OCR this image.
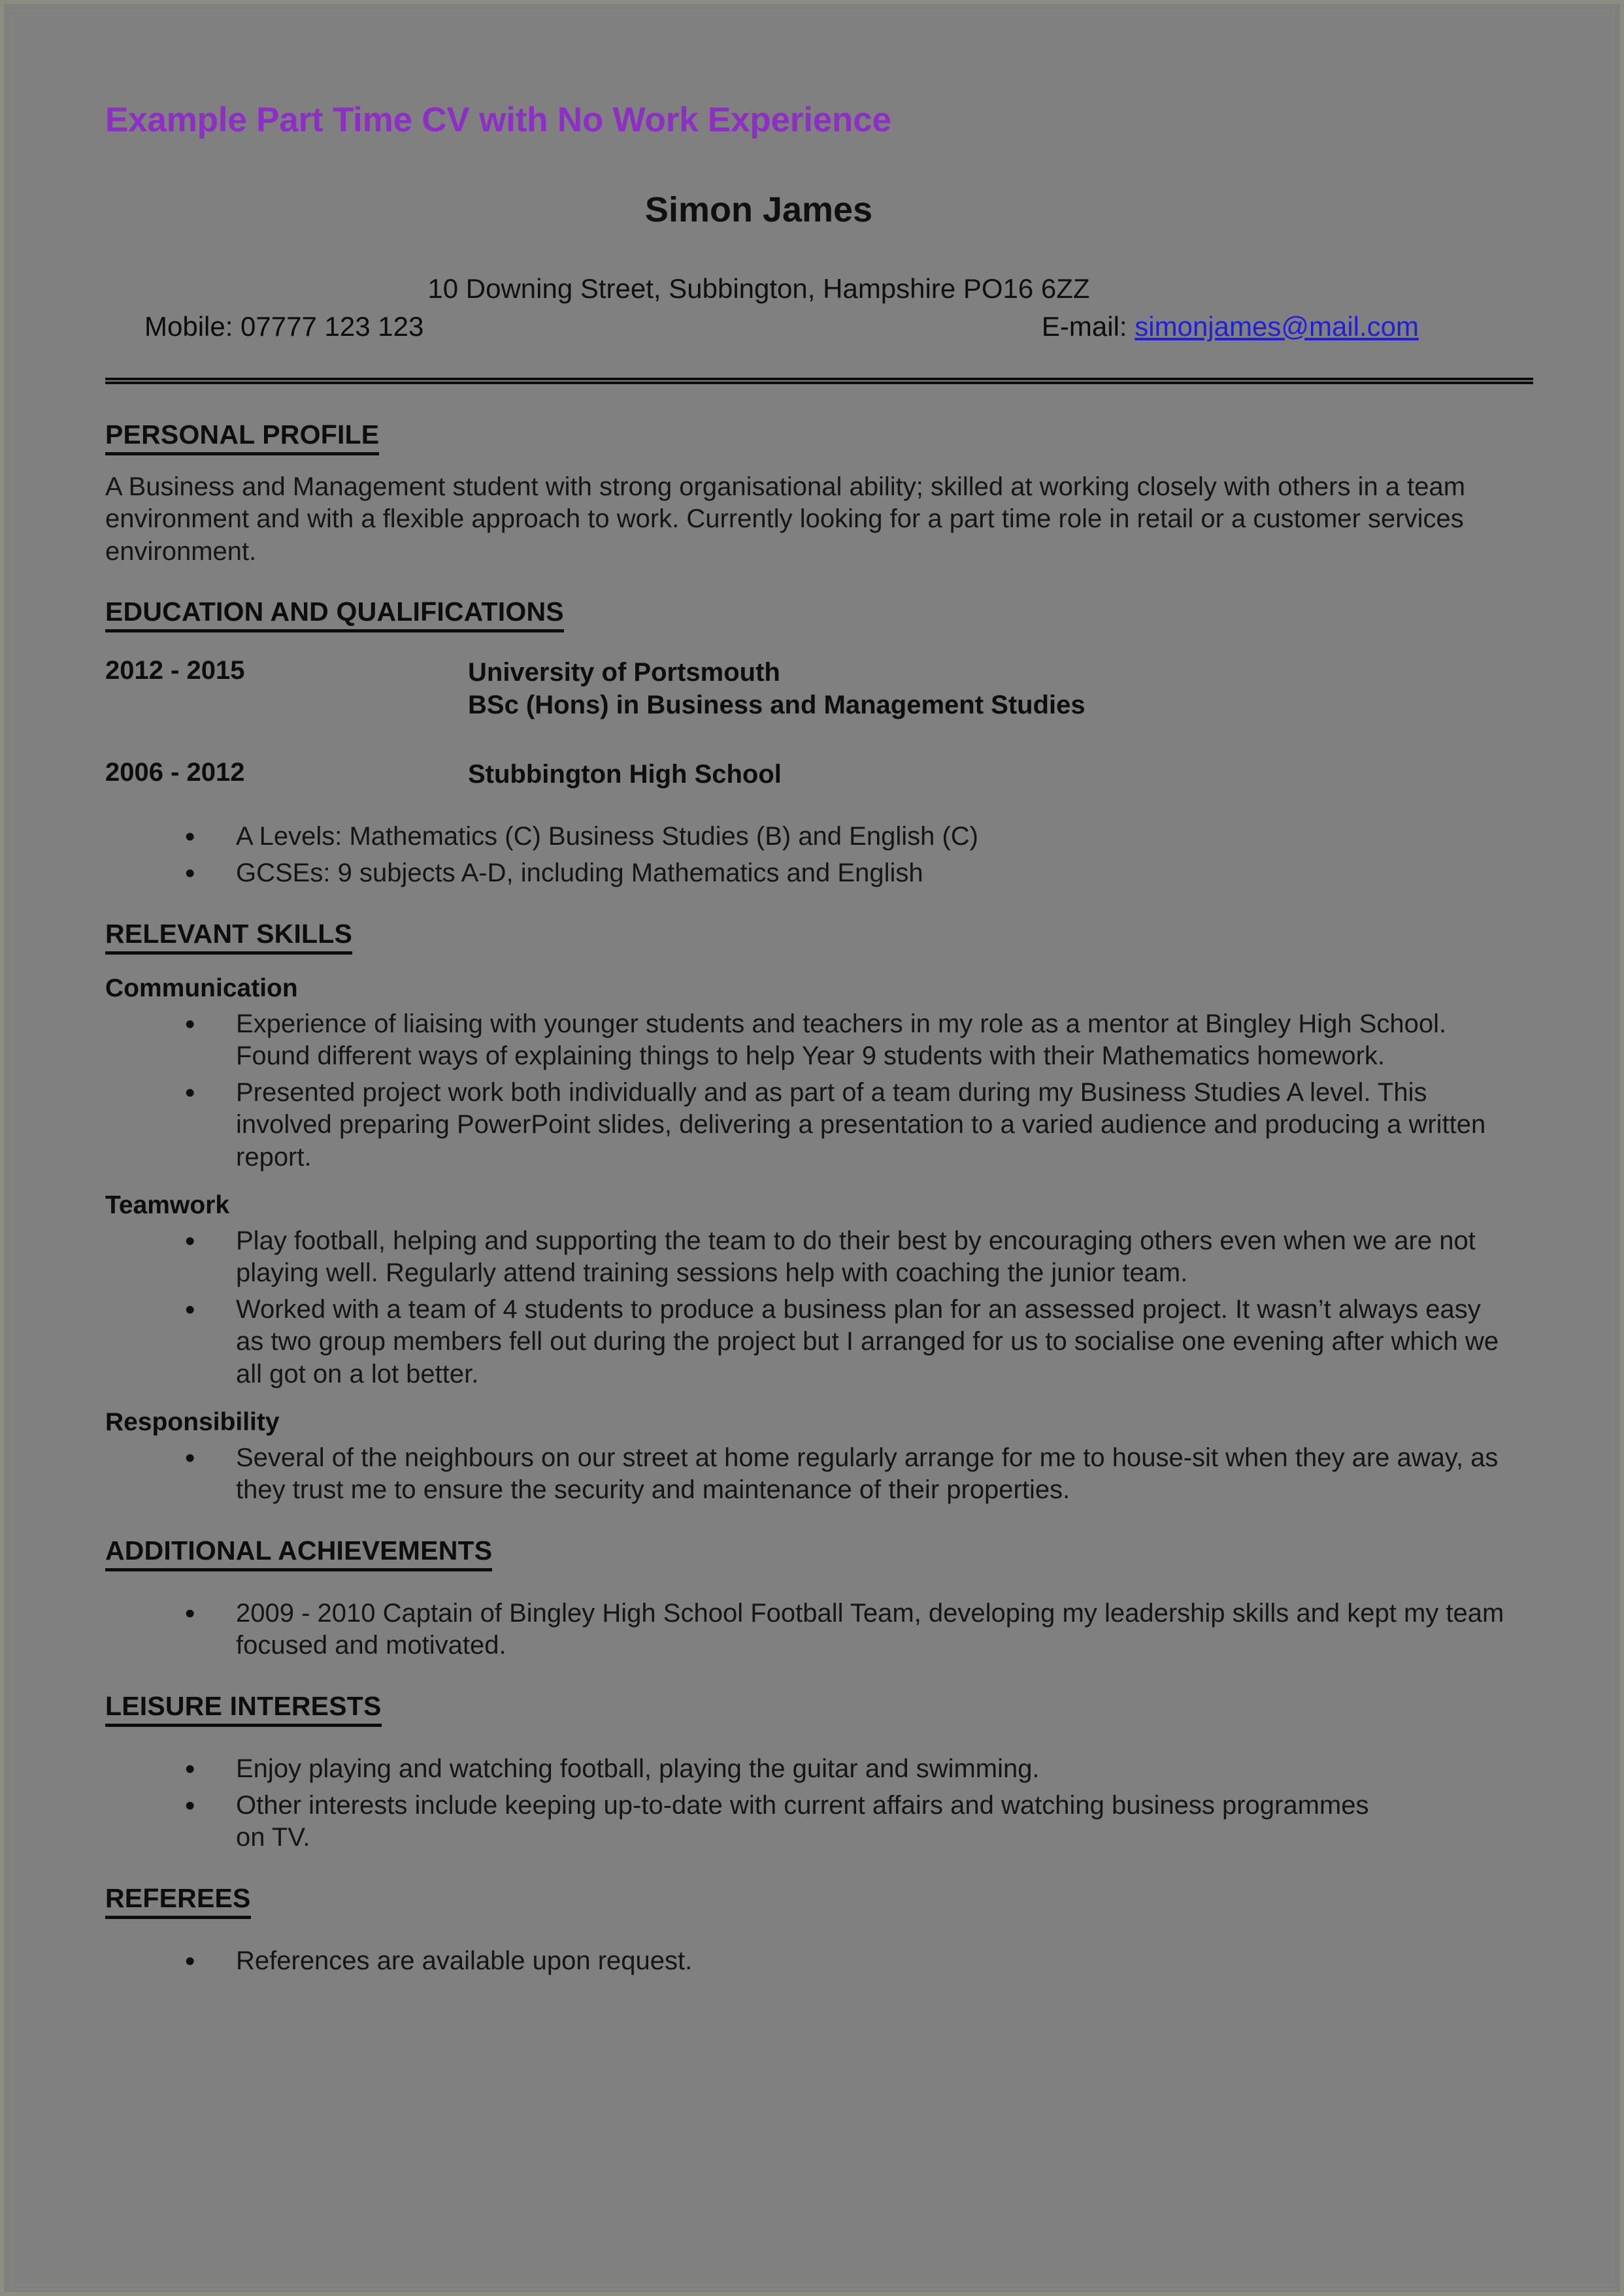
Example Part Time CV with No Work Experience
Simon James
10 Downing Street, Subbington, Hampshire PO16 6ZZ
Mobile: 07777 123 123	E-mail: simonjames@mail.com
PERSONAL PROFILE
A Business and Management student with strong organisational ability; skilled at working closely with others in a team environment and with a flexible approach to work. Currently looking for a part time role in retail or a customer services environment.
EDUCATION AND QUALIFICATIONS
2012 - 2015	University of Portsmouth
BSc (Hons) in Business and Management Studies
2006 - 2012	Stubbington High School
• A Levels: Mathematics (C) Business Studies (B) and English (C)
• GCSEs: 9 subjects A-D, including Mathematics and English
RELEVANT SKILLS
Communication
• Experience of liaising with younger students and teachers in my role as a mentor at Bingley High School. Found different ways of explaining things to help Year 9 students with their Mathematics homework.
• Presented project work both individually and as part of a team during my Business Studies A level. This involved preparing PowerPoint slides, delivering a presentation to a varied audience and producing a written report.
Teamwork
• Play football, helping and supporting the team to do their best by encouraging others even when we are not playing well. Regularly attend training sessions help with coaching the junior team.
• Worked with a team of 4 students to produce a business plan for an assessed project. It wasn’t always easy as two group members fell out during the project but I arranged for us to socialise one evening after which we all got on a lot better.
Responsibility
• Several of the neighbours on our street at home regularly arrange for me to house-sit when they are away, as they trust me to ensure the security and maintenance of their properties.
ADDITIONAL ACHIEVEMENTS
• 2009 - 2010 Captain of Bingley High School Football Team, developing my leadership skills and kept my team focused and motivated.
LEISURE INTERESTS
• Enjoy playing and watching football, playing the guitar and swimming.
• Other interests include keeping up-to-date with current affairs and watching business programmes on TV.
REFEREES
• References are available upon request.
